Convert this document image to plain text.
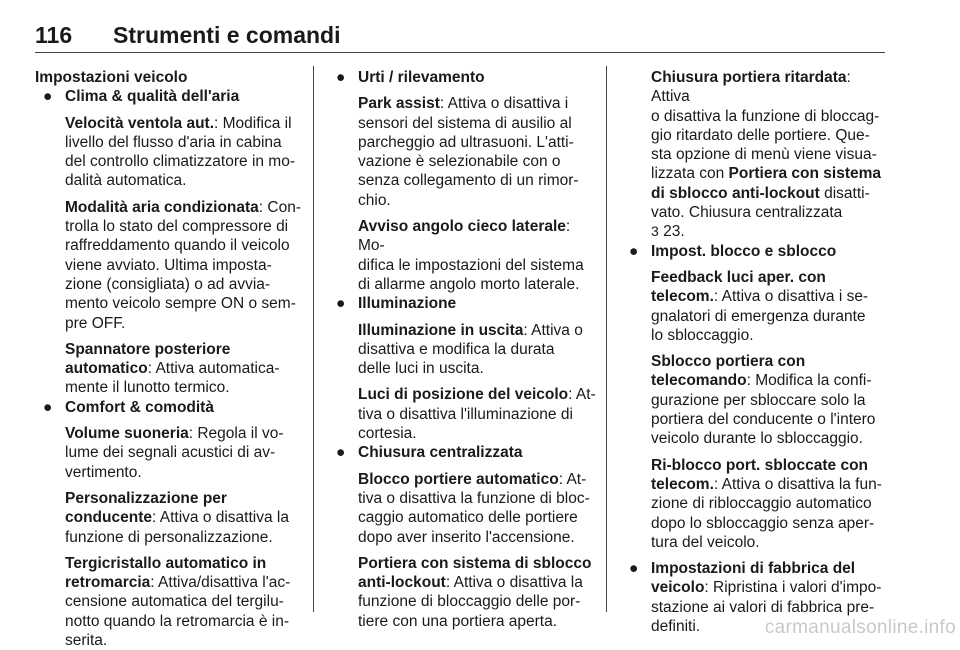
116 Strumenti e comandi

Impostazioni veicolo

● Clima & qualità dell'aria

Velocità ventola aut.: Modifica il

livello del flusso d'aria in cabina

del controllo climatizzatore in mo-

dalità automatica.

Modalità aria condizionata: Con-

trolla lo stato del compressore di

raffreddamento quando il veicolo

viene avviato. Ultima imposta-

zione (consigliata) o ad avvia-

mento veicolo sempre ON o sem-

pre OFF.

Spannatore posteriore

automatico: Attiva automatica-

mente il lunotto termico.

● Comfort & comodità

Volume suoneria: Regola il vo-

lume dei segnali acustici di av-

vertimento.

Personalizzazione per

conducente: Attiva o disattiva la

funzione di personalizzazione.

Tergicristallo automatico in

retromarcia: Attiva/disattiva l'ac-

censione automatica del tergilu-

notto quando la retromarcia è in-

serita.

● Urti / rilevamento

Park assist: Attiva o disattiva i

sensori del sistema di ausilio al

parcheggio ad ultrasuoni. L'atti-

vazione è selezionabile con o

senza collegamento di un rimor-

chio.

Avviso angolo cieco laterale: Mo-

difica le impostazioni del sistema

di allarme angolo morto laterale.

● Illuminazione

Illuminazione in uscita: Attiva o

disattiva e modifica la durata

delle luci in uscita.

Luci di posizione del veicolo: At-

tiva o disattiva l'illuminazione di

cortesia.

● Chiusura centralizzata

Blocco portiere automatico: At-

tiva o disattiva la funzione di bloc-

caggio automatico delle portiere

dopo aver inserito l'accensione.

Portiera con sistema di sblocco

anti-lockout: Attiva o disattiva la

funzione di bloccaggio delle por-

tiere con una portiera aperta.

Chiusura portiera ritardata: Attiva

o disattiva la funzione di bloccag-

gio ritardato delle portiere. Que-

sta opzione di menù viene visua-

lizzata con Portiera con sistema

di sblocco anti-lockout disatti-

vato. Chiusura centralizzata

3 23.

● Impost. blocco e sblocco

Feedback luci aper. con

telecom.: Attiva o disattiva i se-

gnalatori di emergenza durante

lo sbloccaggio.

Sblocco portiera con

telecomando: Modifica la confi-

gurazione per sbloccare solo la

portiera del conducente o l'intero

veicolo durante lo sbloccaggio.

Ri-blocco port. sbloccate con

telecom.: Attiva o disattiva la fun-

zione di ribloccaggio automatico

dopo lo sbloccaggio senza aper-

tura del veicolo.

● Impostazioni di fabbrica del

veicolo: Ripristina i valori d'impo-

stazione ai valori di fabbrica pre-

definiti.	carmanualsonline.info
